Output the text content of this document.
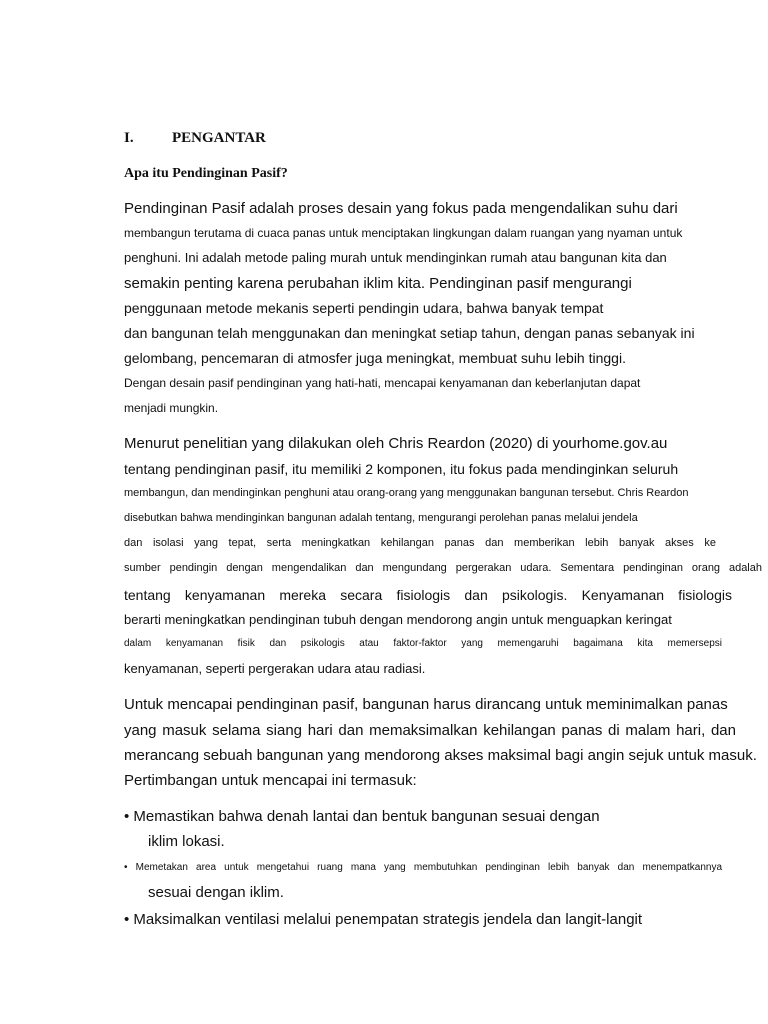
I.	PENGANTAR
Apa itu Pendinginan Pasif?
Pendinginan Pasif adalah proses desain yang fokus pada mengendalikan suhu dari
membangun terutama di cuaca panas untuk menciptakan lingkungan dalam ruangan yang nyaman untuk
penghuni. Ini adalah metode paling murah untuk mendinginkan rumah atau bangunan kita dan
semakin penting karena perubahan iklim kita. Pendinginan pasif mengurangi
penggunaan metode mekanis seperti pendingin udara, bahwa banyak tempat
dan bangunan telah menggunakan dan meningkat setiap tahun, dengan panas sebanyak ini
gelombang, pencemaran di atmosfer juga meningkat, membuat suhu lebih tinggi.
Dengan desain pasif pendinginan yang hati-hati, mencapai kenyamanan dan keberlanjutan dapat
menjadi mungkin.
Menurut penelitian yang dilakukan oleh Chris Reardon (2020) di yourhome.gov.au
tentang pendinginan pasif, itu memiliki 2 komponen, itu fokus pada mendinginkan seluruh
membangun, dan mendinginkan penghuni atau orang-orang yang menggunakan bangunan tersebut. Chris Reardon
disebutkan bahwa mendinginkan bangunan adalah tentang, mengurangi perolehan panas melalui jendela
dan isolasi yang tepat, serta meningkatkan kehilangan panas dan memberikan lebih banyak akses ke
sumber pendingin dengan mengendalikan dan mengundang pergerakan udara. Sementara pendinginan orang adalah
tentang kenyamanan mereka secara fisiologis dan psikologis. Kenyamanan fisiologis
berarti meningkatkan pendinginan tubuh dengan mendorong angin untuk menguapkan keringat
dalam kenyamanan fisik dan psikologis atau faktor-faktor yang memengaruhi bagaimana kita memersepsi
kenyamanan, seperti pergerakan udara atau radiasi.
Untuk mencapai pendinginan pasif, bangunan harus dirancang untuk meminimalkan panas
yang masuk selama siang hari dan memaksimalkan kehilangan panas di malam hari, dan
merancang sebuah bangunan yang mendorong akses maksimal bagi angin sejuk untuk masuk.
Pertimbangan untuk mencapai ini termasuk:
• Memastikan bahwa denah lantai dan bentuk bangunan sesuai dengan
iklim lokasi.
• Memetakan area untuk mengetahui ruang mana yang membutuhkan pendinginan lebih banyak dan menempatkannya
sesuai dengan iklim.
• Maksimalkan ventilasi melalui penempatan strategis jendela dan langit-langit
